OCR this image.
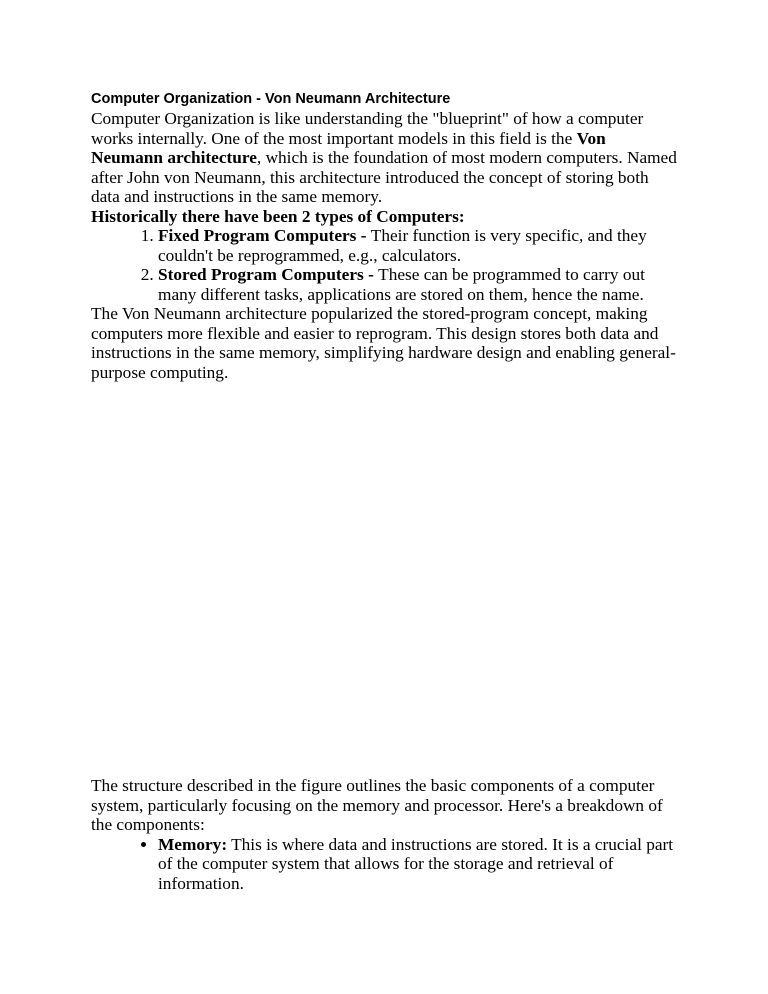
Computer Organization - Von Neumann Architecture

Computer Organization is like understanding the "blueprint" of how a computer works internally. One of the most important models in this field is the Von Neumann architecture, which is the foundation of most modern computers. Named after John von Neumann, this architecture introduced the concept of storing both data and instructions in the same memory.

Historically there have been 2 types of Computers:

1. Fixed Program Computers - Their function is very specific, and they couldn't be reprogrammed, e.g., calculators.
2. Stored Program Computers - These can be programmed to carry out many different tasks, applications are stored on them, hence the name.

The Von Neumann architecture popularized the stored-program concept, making computers more flexible and easier to reprogram. This design stores both data and instructions in the same memory, simplifying hardware design and enabling general-purpose computing.

The structure described in the figure outlines the basic components of a computer system, particularly focusing on the memory and processor. Here's a breakdown of the components:

• Memory: This is where data and instructions are stored. It is a crucial part of the computer system that allows for the storage and retrieval of information.
